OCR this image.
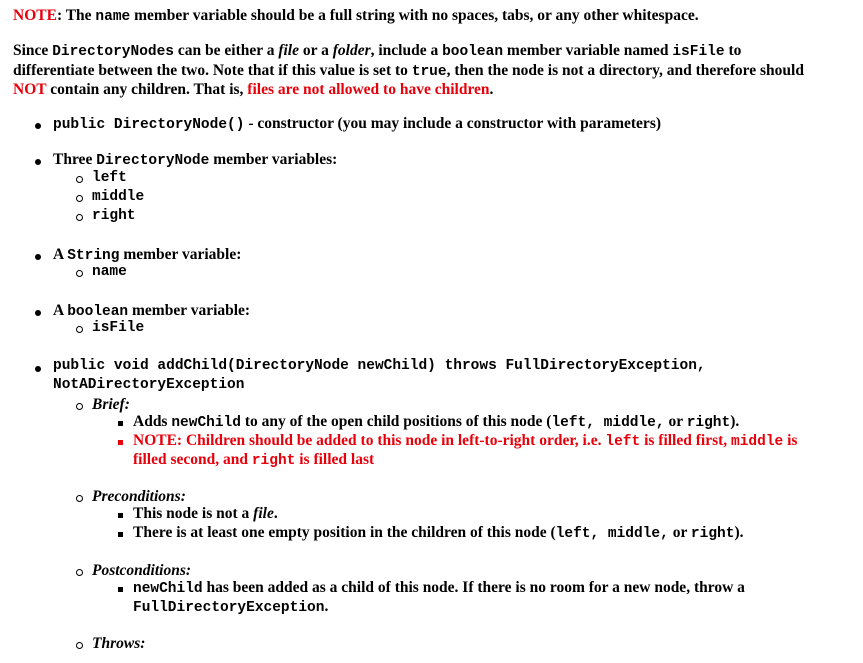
NOTE: The name member variable should be a full string with no spaces, tabs, or any other whitespace.
Since DirectoryNodes can be either a file or a folder, include a boolean member variable named isFile to
differentiate between the two. Note that if this value is set to true, then the node is not a directory, and therefore should
NOT contain any children. That is, files are not allowed to have children.
public DirectoryNode() - constructor (you may include a constructor with parameters)
Three DirectoryNode member variables:
left
middle
right
A String member variable:
name
A boolean member variable:
isFile
public void addChild(DirectoryNode newChild) throws FullDirectoryException,
NotADirectoryException
Brief:
Adds newChild to any of the open child positions of this node (left, middle, or right).
NOTE: Children should be added to this node in left-to-right order, i.e. left is filled first, middle is
filled second, and right is filled last
Preconditions:
This node is not a file.
There is at least one empty position in the children of this node (left, middle, or right).
Postconditions:
newChild has been added as a child of this node. If there is no room for a new node, throw a
FullDirectoryException.
Throws:
